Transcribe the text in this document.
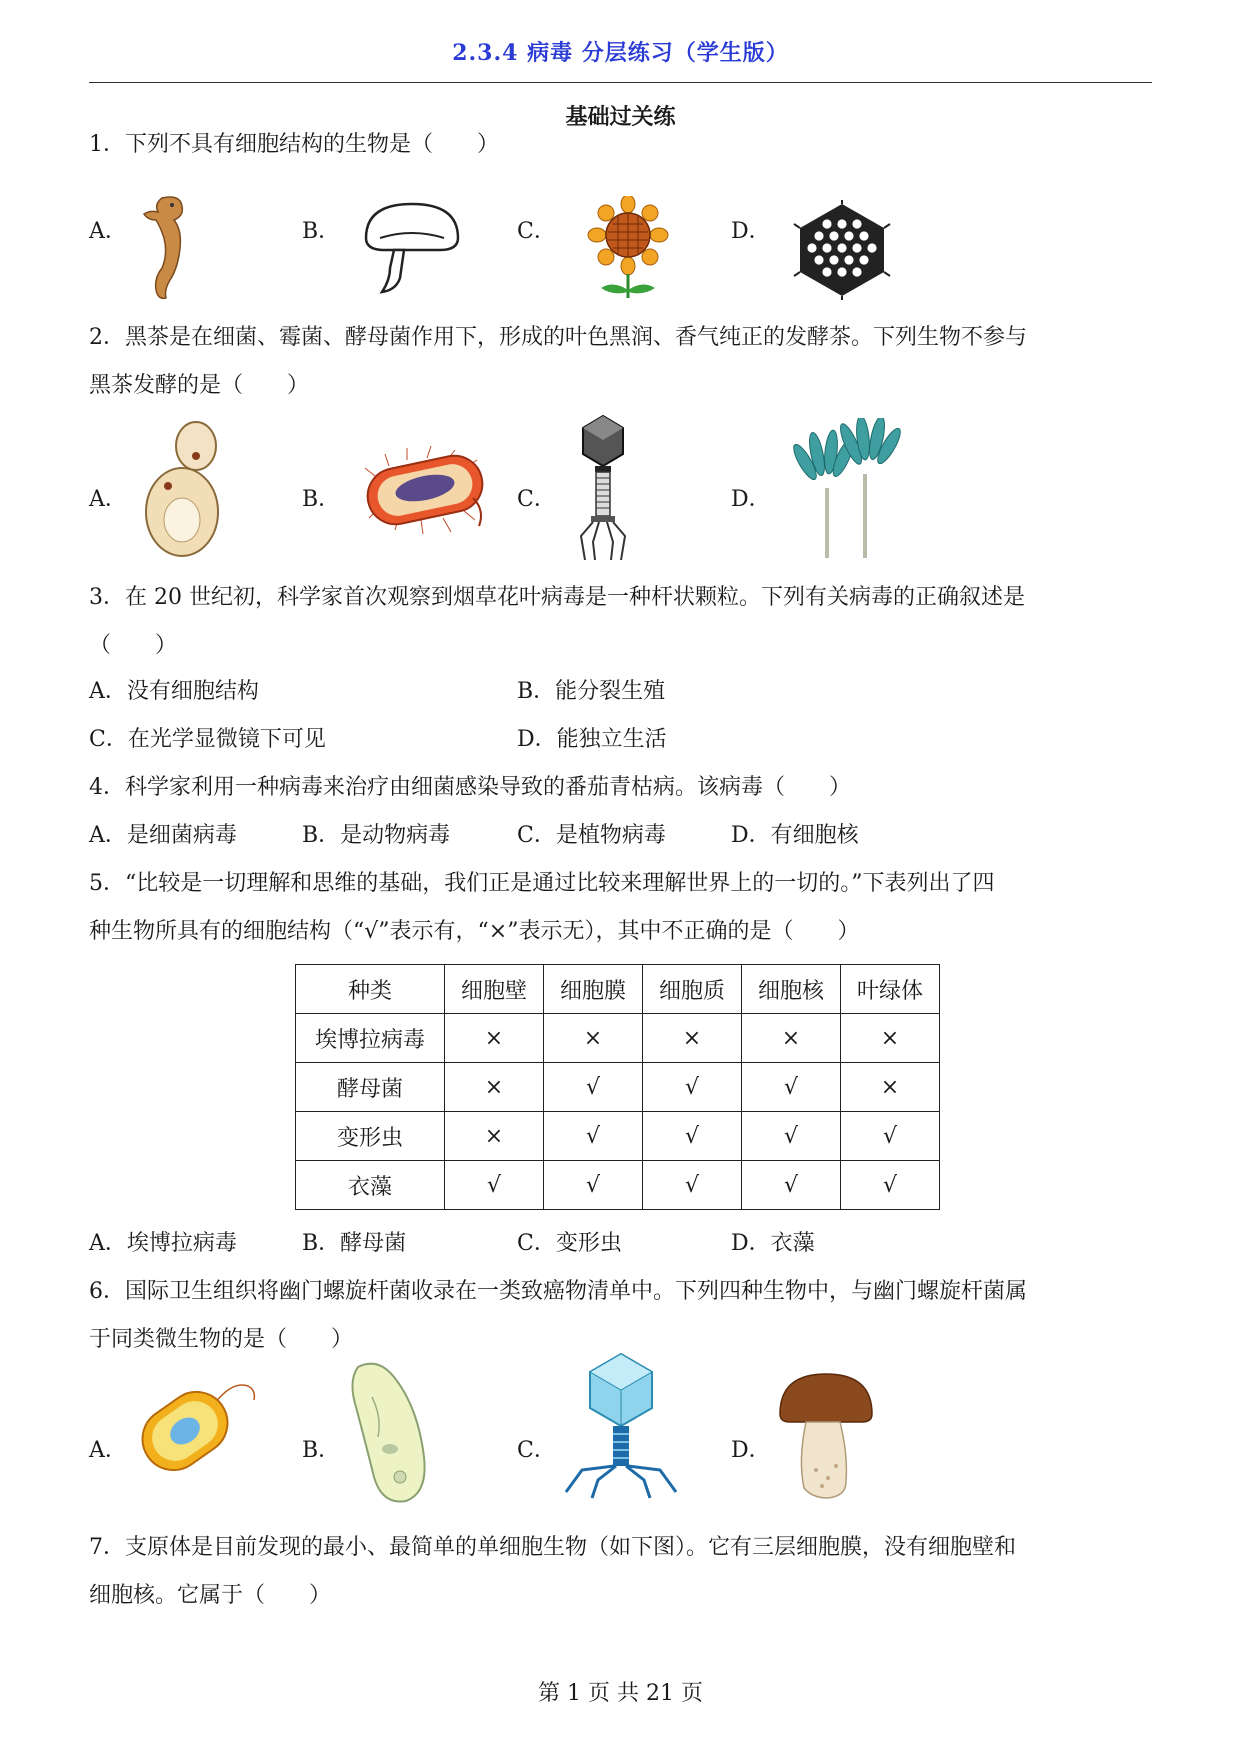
2.3.4 病毒 分层练习（学生版）
基础过关练
1．下列不具有细胞结构的生物是（　　）
A．	B．	C．	D．
2．黑茶是在细菌、霉菌、酵母菌作用下，形成的叶色黑润、香气纯正的发酵茶。下列生物不参与
黑茶发酵的是（　　）
A．	B．	C．	D．
3．在 20 世纪初，科学家首次观察到烟草花叶病毒是一种杆状颗粒。下列有关病毒的正确叙述是
（　　）
A．没有细胞结构	B．能分裂生殖
C．在光学显微镜下可见	D．能独立生活
4．科学家利用一种病毒来治疗由细菌感染导致的番茄青枯病。该病毒（　　）
A．是细菌病毒	B．是动物病毒	C．是植物病毒	D．有细胞核
5．“比较是一切理解和思维的基础，我们正是通过比较来理解世界上的一切的。”下表列出了四
种生物所具有的细胞结构（“√”表示有，“×”表示无），其中不正确的是（　　）
种类	细胞壁	细胞膜	细胞质	细胞核	叶绿体
埃博拉病毒	×	×	×	×	×
酵母菌	×	√	√	√	×
变形虫	×	√	√	√	√
衣藻	√	√	√	√	√
A．埃博拉病毒	B．酵母菌	C．变形虫	D．衣藻
6．国际卫生组织将幽门螺旋杆菌收录在一类致癌物清单中。下列四种生物中，与幽门螺旋杆菌属
于同类微生物的是（　　）
A．	B．	C．	D．
7．支原体是目前发现的最小、最简单的单细胞生物（如下图）。它有三层细胞膜，没有细胞壁和
细胞核。它属于（　　）
第 1 页 共 21 页
